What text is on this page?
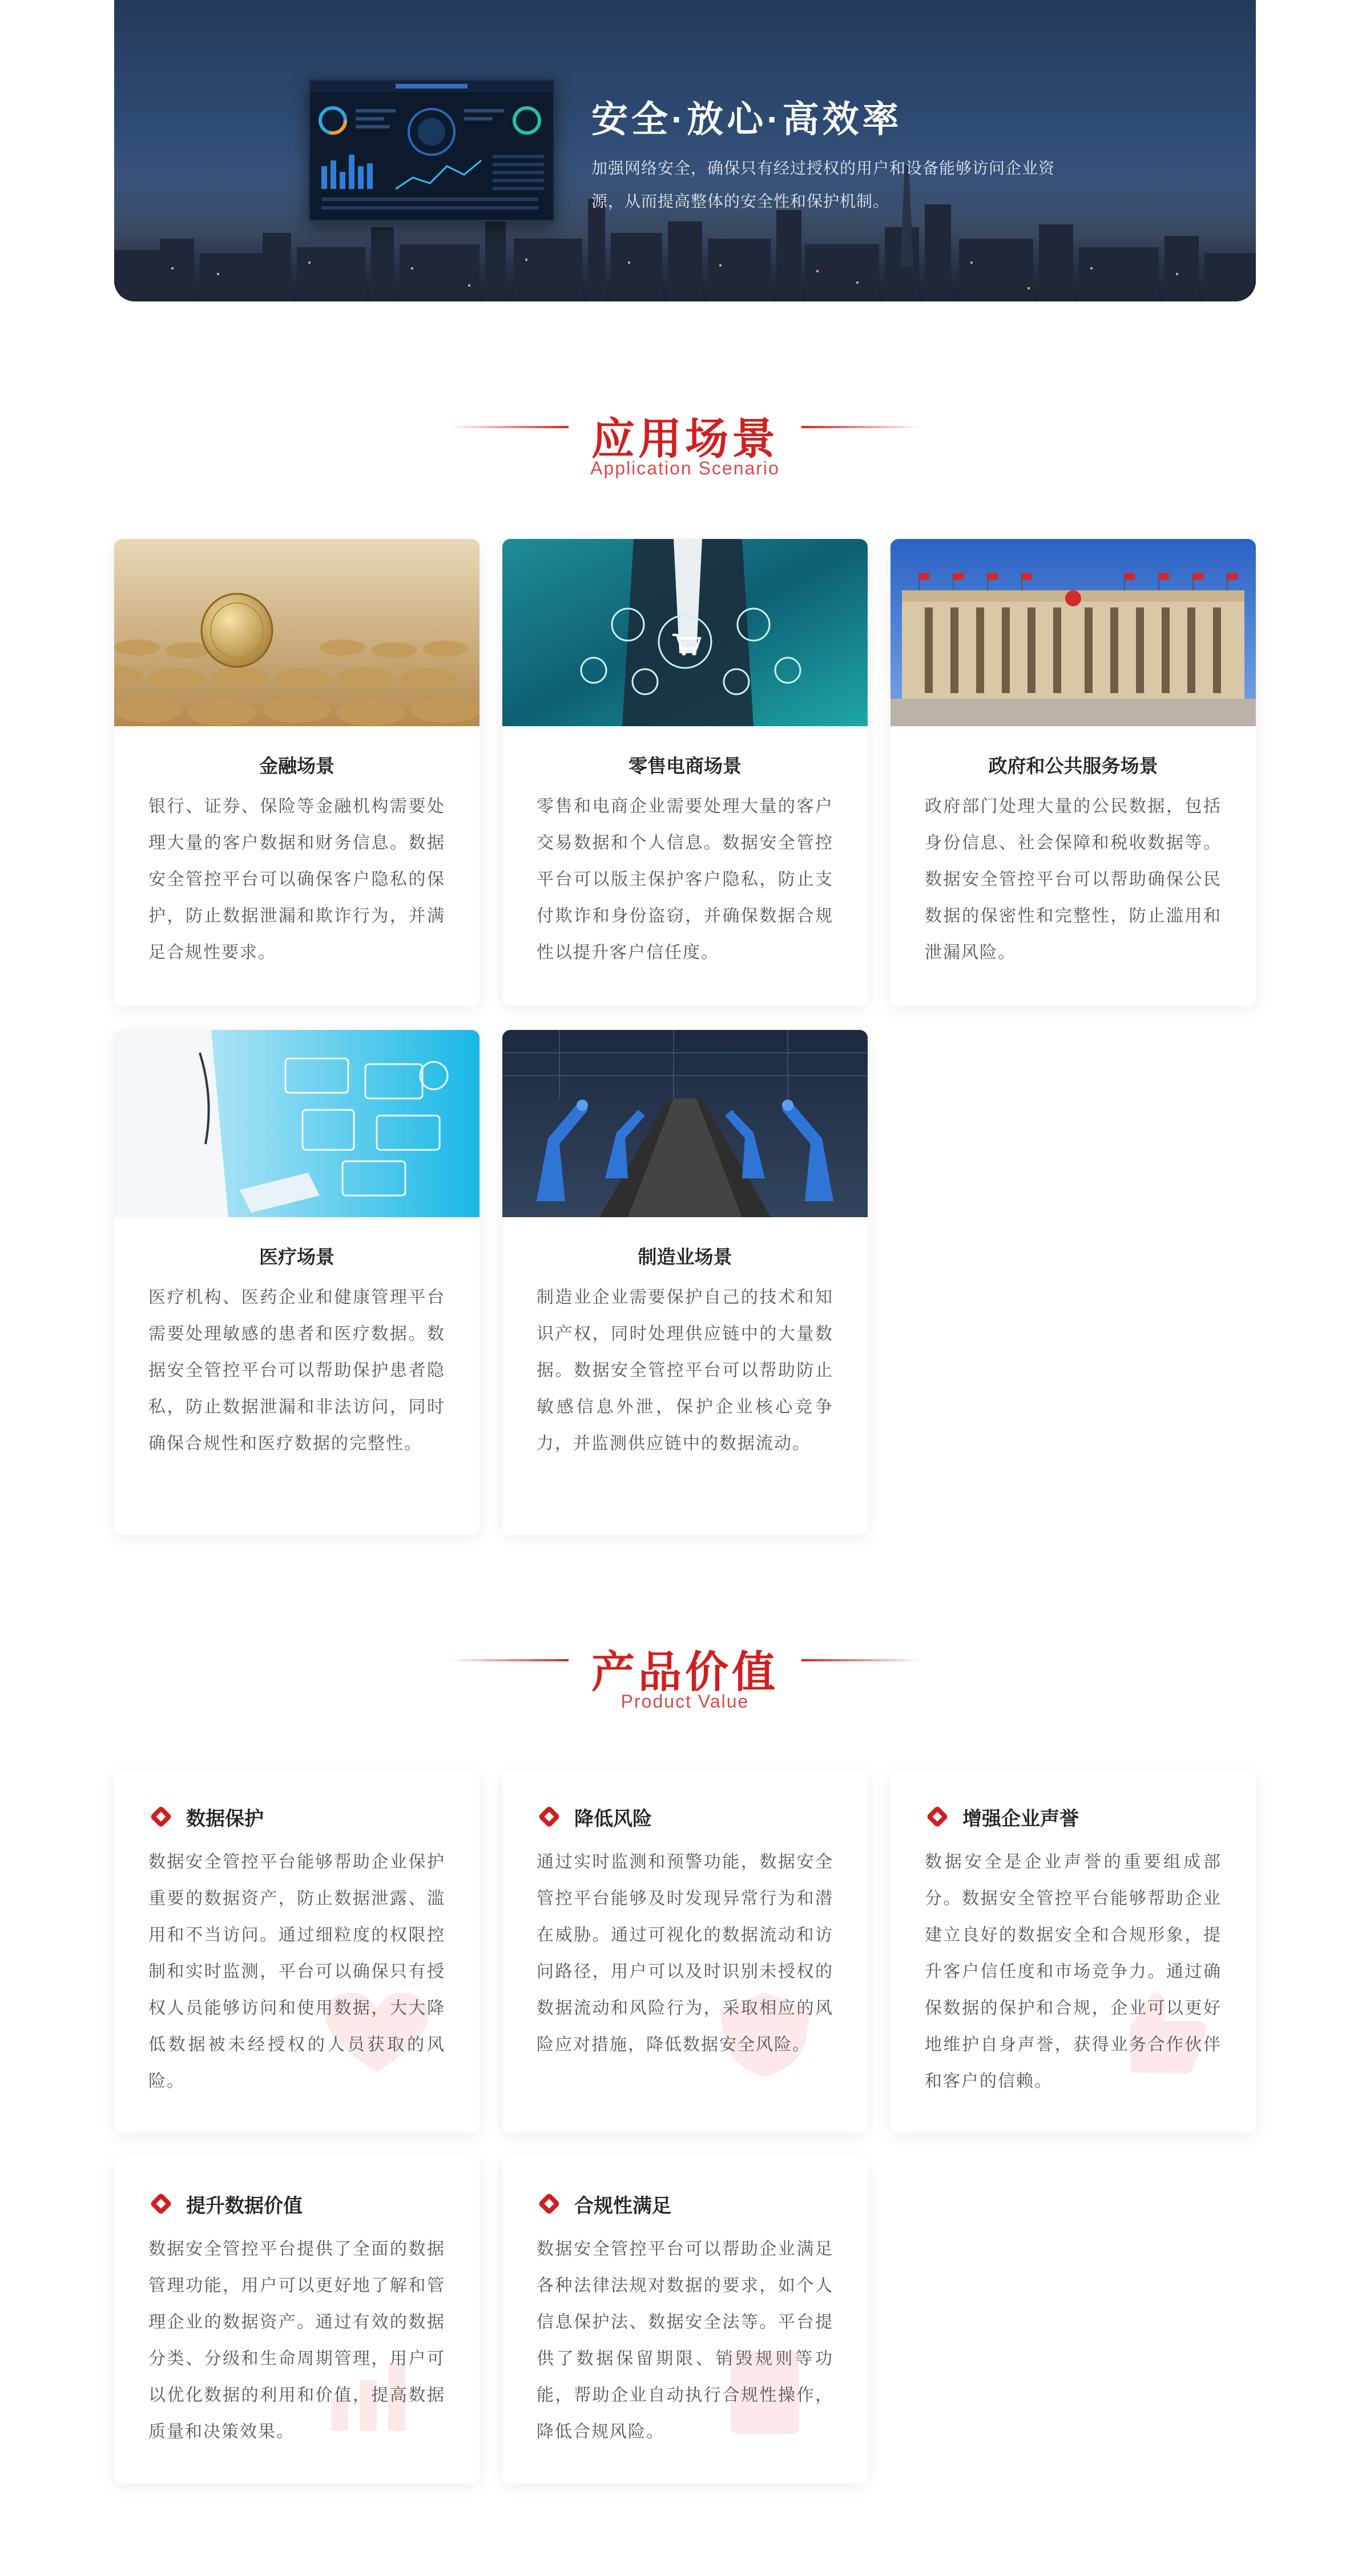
安全·放心·高效率
加强网络安全，确保只有经过授权的用户和设备能够访问企业资源，从而提高整体的安全性和保护机制。
应用场景
Application Scenario
金融场景
银行、证券、保险等金融机构需要处理大量的客户数据和财务信息。数据安全管控平台可以确保客户隐私的保护，防止数据泄漏和欺诈行为，并满足合规性要求。
零售电商场景
零售和电商企业需要处理大量的客户交易数据和个人信息。数据安全管控平台可以版主保护客户隐私，防止支付欺诈和身份盗窃，并确保数据合规性以提升客户信任度。
政府和公共服务场景
政府部门处理大量的公民数据，包括身份信息、社会保障和税收数据等。数据安全管控平台可以帮助确保公民数据的保密性和完整性，防止滥用和泄漏风险。
医疗场景
医疗机构、医药企业和健康管理平台需要处理敏感的患者和医疗数据。数据安全管控平台可以帮助保护患者隐私，防止数据泄漏和非法访问，同时确保合规性和医疗数据的完整性。
制造业场景
制造业企业需要保护自己的技术和知识产权，同时处理供应链中的大量数据。数据安全管控平台可以帮助防止敏感信息外泄，保护企业核心竞争力，并监测供应链中的数据流动。
产品价值
Product Value
数据保护
数据安全管控平台能够帮助企业保护重要的数据资产，防止数据泄露、滥用和不当访问。通过细粒度的权限控制和实时监测，平台可以确保只有授权人员能够访问和使用数据，大大降低数据被未经授权的人员获取的风险。
降低风险
通过实时监测和预警功能，数据安全管控平台能够及时发现异常行为和潜在威胁。通过可视化的数据流动和访问路径，用户可以及时识别未授权的数据流动和风险行为，采取相应的风险应对措施，降低数据安全风险。
增强企业声誉
数据安全是企业声誉的重要组成部分。数据安全管控平台能够帮助企业建立良好的数据安全和合规形象，提升客户信任度和市场竞争力。通过确保数据的保护和合规，企业可以更好地维护自身声誉，获得业务合作伙伴和客户的信赖。
提升数据价值
数据安全管控平台提供了全面的数据管理功能，用户可以更好地了解和管理企业的数据资产。通过有效的数据分类、分级和生命周期管理，用户可以优化数据的利用和价值，提高数据质量和决策效果。
合规性满足
数据安全管控平台可以帮助企业满足各种法律法规对数据的要求，如个人信息保护法、数据安全法等。平台提供了数据保留期限、销毁规则等功能，帮助企业自动执行合规性操作，降低合规风险。
